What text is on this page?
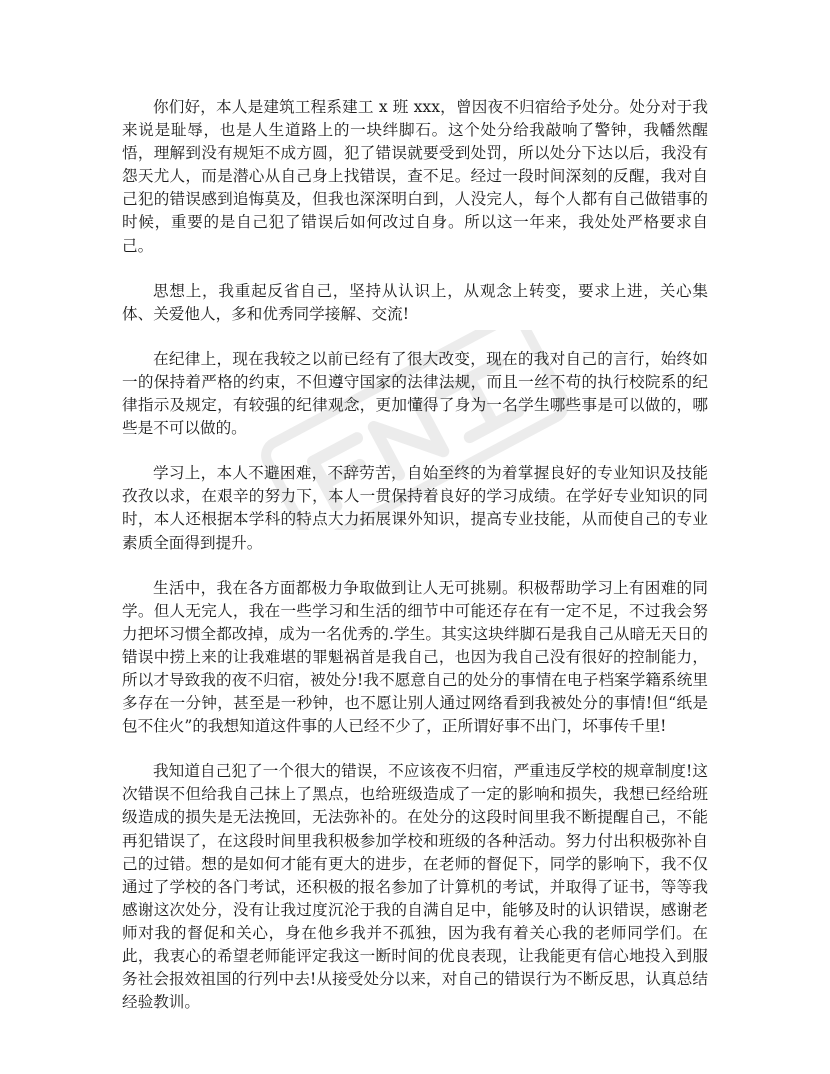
你们好，本人是建筑工程系建工 x 班 xxx，曾因夜不归宿给予处分。处分对于我来说是耻辱，也是人生道路上的一块绊脚石。这个处分给我敲响了警钟，我幡然醒悟，理解到没有规矩不成方圆，犯了错误就要受到处罚，所以处分下达以后，我没有怨天尤人，而是潜心从自己身上找错误，查不足。经过一段时间深刻的反醒，我对自己犯的错误感到追悔莫及，但我也深深明白到，人没完人，每个人都有自己做错事的时候，重要的是自己犯了错误后如何改过自身。所以这一年来，我处处严格要求自己。

思想上，我重起反省自己，坚持从认识上，从观念上转变，要求上进，关心集体、关爱他人，多和优秀同学接解、交流!

在纪律上，现在我较之以前已经有了很大改变，现在的我对自己的言行，始终如一的保持着严格的约束，不但遵守国家的法律法规，而且一丝不苟的执行校院系的纪律指示及规定，有较强的纪律观念，更加懂得了身为一名学生哪些事是可以做的，哪些是不可以做的。

学习上，本人不避困难，不辞劳苦，自始至终的为着掌握良好的专业知识及技能孜孜以求，在艰辛的努力下，本人一贯保持着良好的学习成绩。在学好专业知识的同时，本人还根据本学科的特点大力拓展课外知识，提高专业技能，从而使自己的专业素质全面得到提升。

生活中，我在各方面都极力争取做到让人无可挑剔。积极帮助学习上有困难的同学。但人无完人，我在一些学习和生活的细节中可能还存在有一定不足，不过我会努力把坏习惯全都改掉，成为一名优秀的.学生。其实这块绊脚石是我自己从暗无天日的错误中捞上来的让我难堪的罪魁祸首是我自己，也因为我自己没有很好的控制能力，所以才导致我的夜不归宿，被处分!我不愿意自己的处分的事情在电子档案学籍系统里多存在一分钟，甚至是一秒钟，也不愿让别人通过网络看到我被处分的事情!但“纸是包不住火”的我想知道这件事的人已经不少了，正所谓好事不出门，坏事传千里!

我知道自己犯了一个很大的错误，不应该夜不归宿，严重违反学校的规章制度!这次错误不但给我自己抹上了黑点，也给班级造成了一定的影响和损失，我想已经给班级造成的损失是无法挽回，无法弥补的。在处分的这段时间里我不断提醒自己，不能再犯错误了，在这段时间里我积极参加学校和班级的各种活动。努力付出积极弥补自己的过错。想的是如何才能有更大的进步，在老师的督促下，同学的影响下，我不仅通过了学校的各门考试，还积极的报名参加了计算机的考试，并取得了证书，等等我感谢这次处分，没有让我过度沉沦于我的自满自足中，能够及时的认识错误，感谢老师对我的督促和关心，身在他乡我并不孤独，因为我有着关心我的老师同学们。在此，我衷心的希望老师能评定我这一断时间的优良表现，让我能更有信心地投入到服务社会报效祖国的行列中去!从接受处分以来，对自己的错误行为不断反思，认真总结经验教训。
